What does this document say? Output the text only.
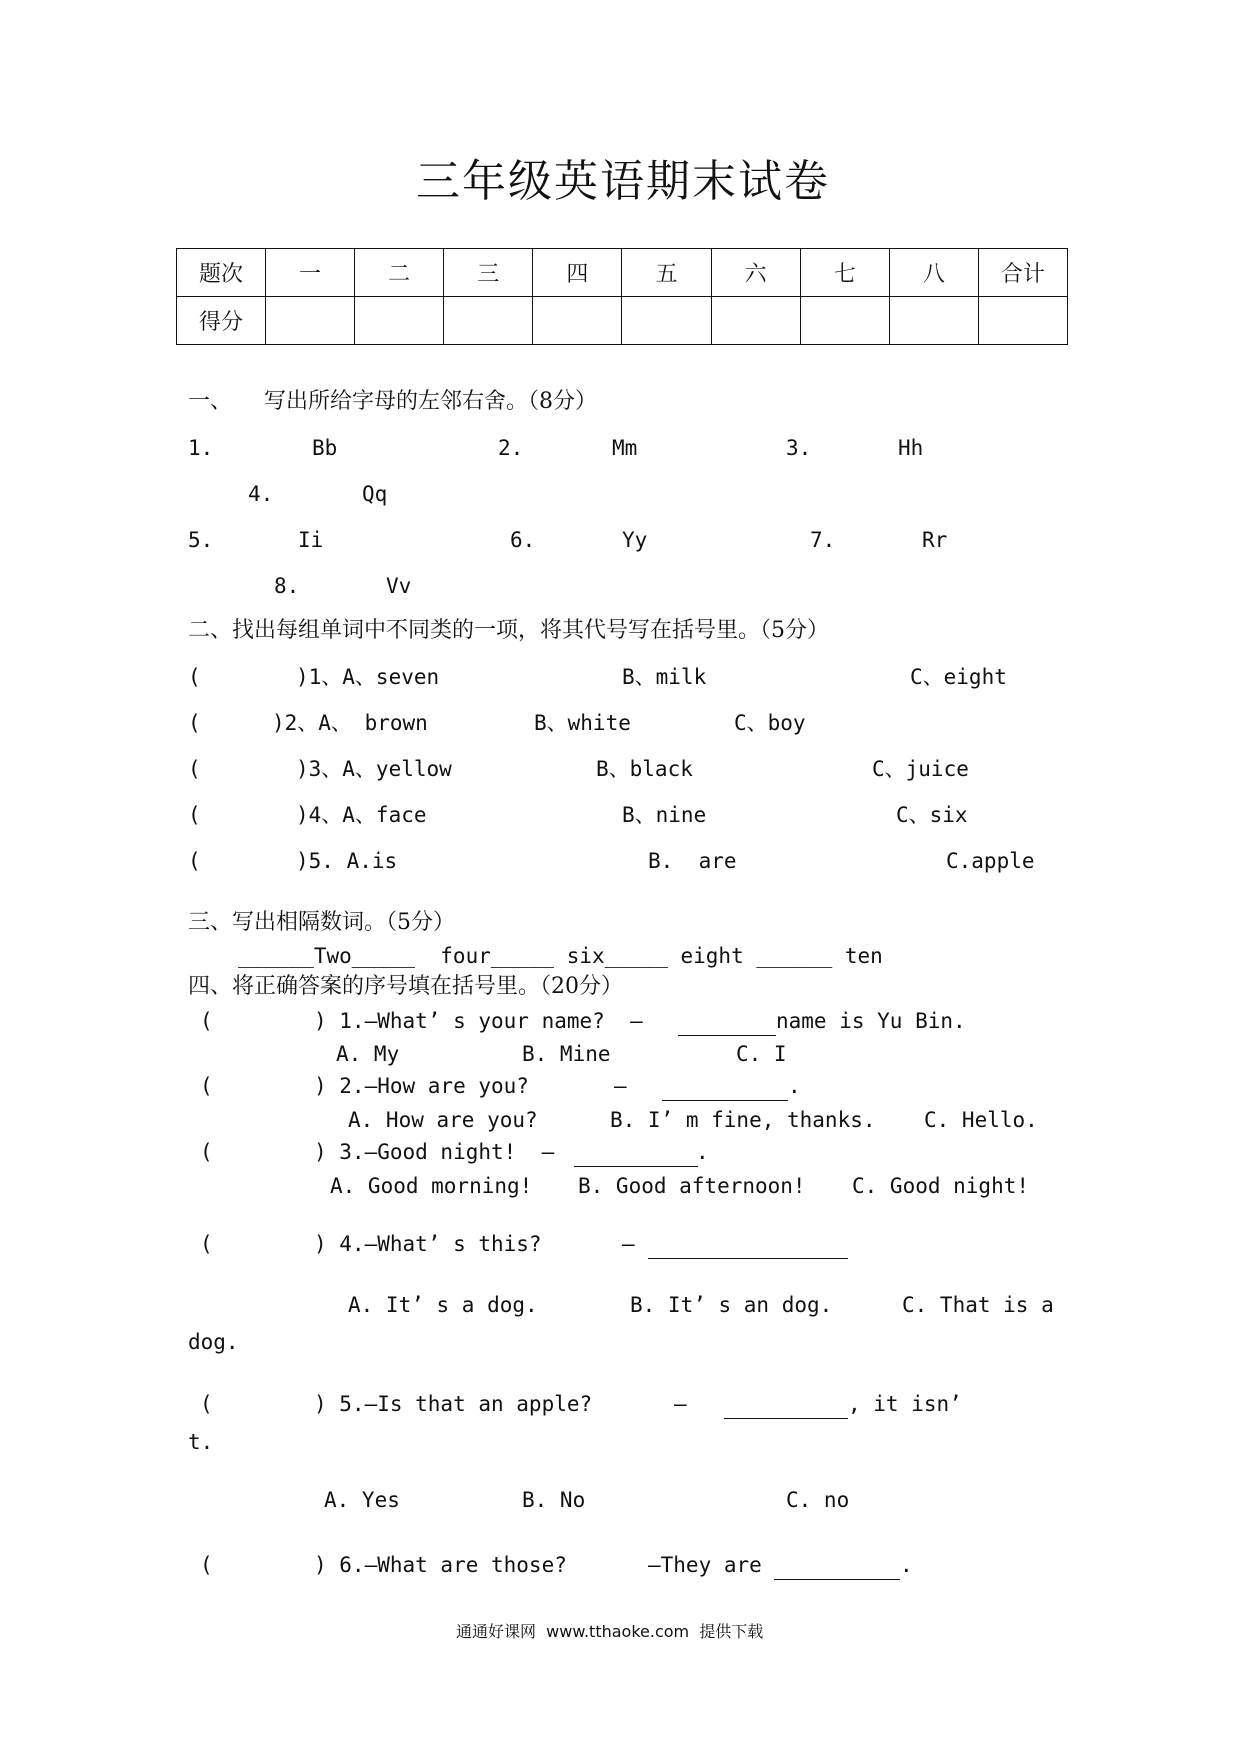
三年级英语期末试卷
题次	一	二	三	四	五	六	七	八	合计
得分									
一、 写出所给字母的左邻右舍。（8分）
1.	Bb	2.	Mm	3.	Hh
4.	Qq
5.	Ii	6.	Yy	7.	Rr
8.	Vv
二、找出每组单词中不同类的一项，将其代号写在括号里。（5分）
(	)1、A、seven	B、milk	C、eight
(	)2、A、 brown	B、white	C、boy
(	)3、A、yellow	B、black	C、juice
(	)4、A、face	B、nine	C、six
(	)5. A.is	B.  are	C.apple
三、写出相隔数词。（5分）
______Two_____  four_____ six_____ eight ______ ten
四、将正确答案的序号填在括号里。（20分）
(	) 1.—What’ s your name?  —	name is Yu Bin.
A. My	B. Mine	C. I
(	) 2.—How are you?	—	.
A. How are you?	B. I’ m fine, thanks. C. Hello.
(	) 3.—Good night!  —	.
A. Good morning! B. Good afternoon! C. Good night!
(	) 4.—What’ s this?	—
A. It’ s a dog.	B. It’ s an dog.	C. That is a
dog.
(	) 5.—Is that an apple?	—	, it isn’
t.
A. Yes	B. No	C. no
(	) 6.—What are those?	—They are	.
通通好课网  www.tthaoke.com  提供下载
